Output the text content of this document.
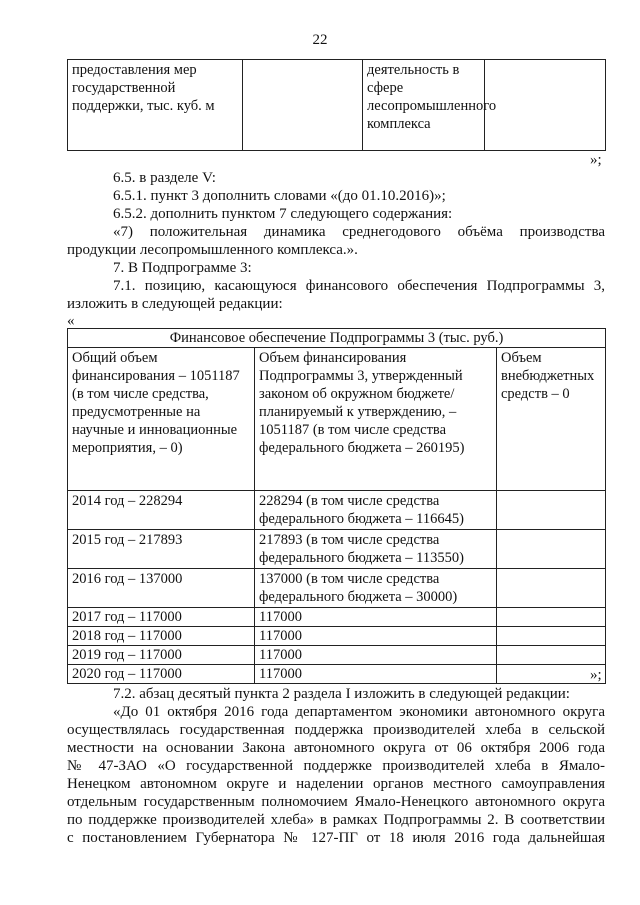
22
предоставления мер государственной поддержки, тыс. куб. м		деятельность в сфере лесопромышленного комплекса	
»;

6.5. в разделе V:

6.5.1. пункт 3 дополнить словами «(до 01.10.2016)»;

6.5.2. дополнить пунктом 7 следующего содержания:

«7) положительная динамика среднегодового объёма производства

продукции лесопромышленного комплекса.».

7. В Подпрограмме 3:

7.1. позицию, касающуюся финансового обеспечения Подпрограммы 3,

изложить в следующей редакции:

«
Финансовое обеспечение Подпрограммы 3 (тыс. руб.)		
Общий объем финансирования – 1051187 (в том числе средства, предусмотренные на научные и инновационные мероприятия, – 0)	Объем финансирования Подпрограммы 3, утвержденный законом об окружном бюджете/планируемый к утверждению, – 1051187 (в том числе средства федерального бюджета – 260195)	Объем внебюджетных средств – 0
2014 год – 228294	228294 (в том числе средства федерального бюджета – 116645)	
2015 год – 217893	217893 (в том числе средства федерального бюджета – 113550)	
2016 год – 137000	137000 (в том числе средства федерального бюджета – 30000)	
2017 год – 117000	117000	
2018 год – 117000	117000	
2019 год – 117000	117000	
2020 год – 117000	117000		»;

7.2. абзац десятый пункта 2 раздела I изложить в следующей редакции:

«До 01 октября 2016 года департаментом экономики автономного округа

осуществлялась государственная поддержка производителей хлеба в сельской

местности на основании Закона автономного округа от 06 октября 2006 года

№ 47-ЗАО «О государственной поддержке производителей хлеба в Ямало-

Ненецком автономном округе и наделении органов местного самоуправления

отдельным государственным полномочием Ямало-Ненецкого автономного округа

по поддержке производителей хлеба» в рамках Подпрограммы 2. В соответствии

с постановлением Губернатора № 127-ПГ от 18 июля 2016 года дальнейшая
